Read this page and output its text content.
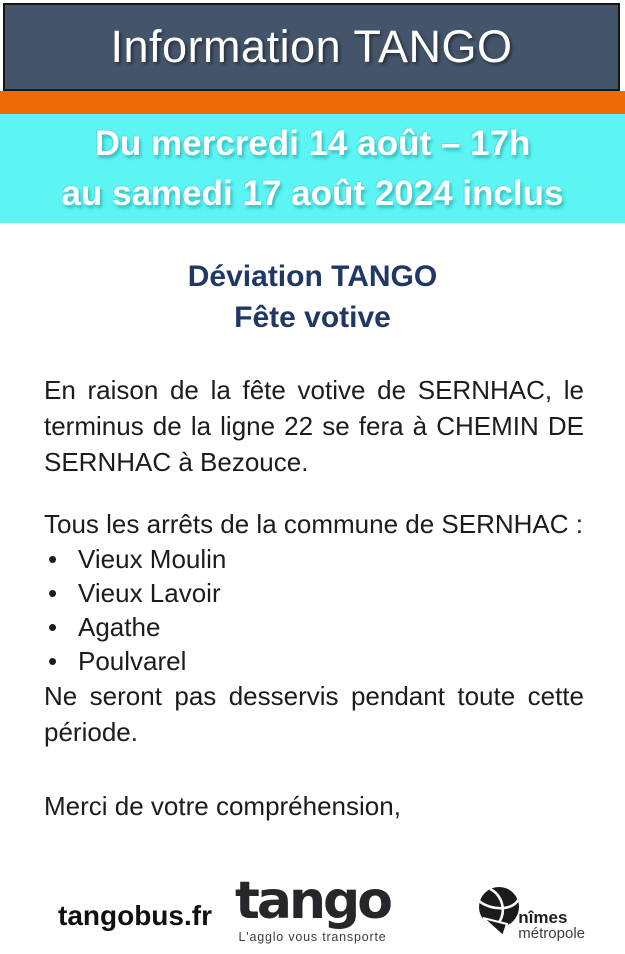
Information TANGO
Du mercredi 14 août – 17h
au samedi 17 août 2024 inclus
Déviation TANGO
Fête votive
En raison de la fête votive de SERNHAC, le terminus de la ligne 22 se fera à CHEMIN DE SERNHAC à Bezouce.
Tous les arrêts de la commune de SERNHAC :
• Vieux Moulin
• Vieux Lavoir
• Agathe
• Poulvarel
Ne seront pas desservis pendant toute cette période.
Merci de votre compréhension,
tangobus.fr tango
L'agglo vous transporte
nîmes
métropole
